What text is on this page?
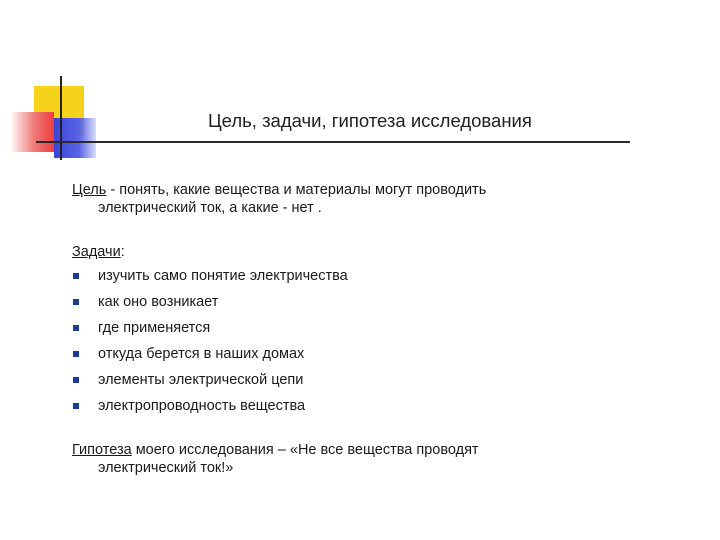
Цель, задачи, гипотеза исследования
Цель - понять, какие вещества и материалы могут проводить
электрический ток, а какие - нет .
Задачи:
изучить само понятие электричества
как оно возникает
где применяется
откуда берется в наших домах
элементы электрической цепи
электропроводность вещества
Гипотеза моего исследования – «Не все вещества проводят
электрический ток!»
